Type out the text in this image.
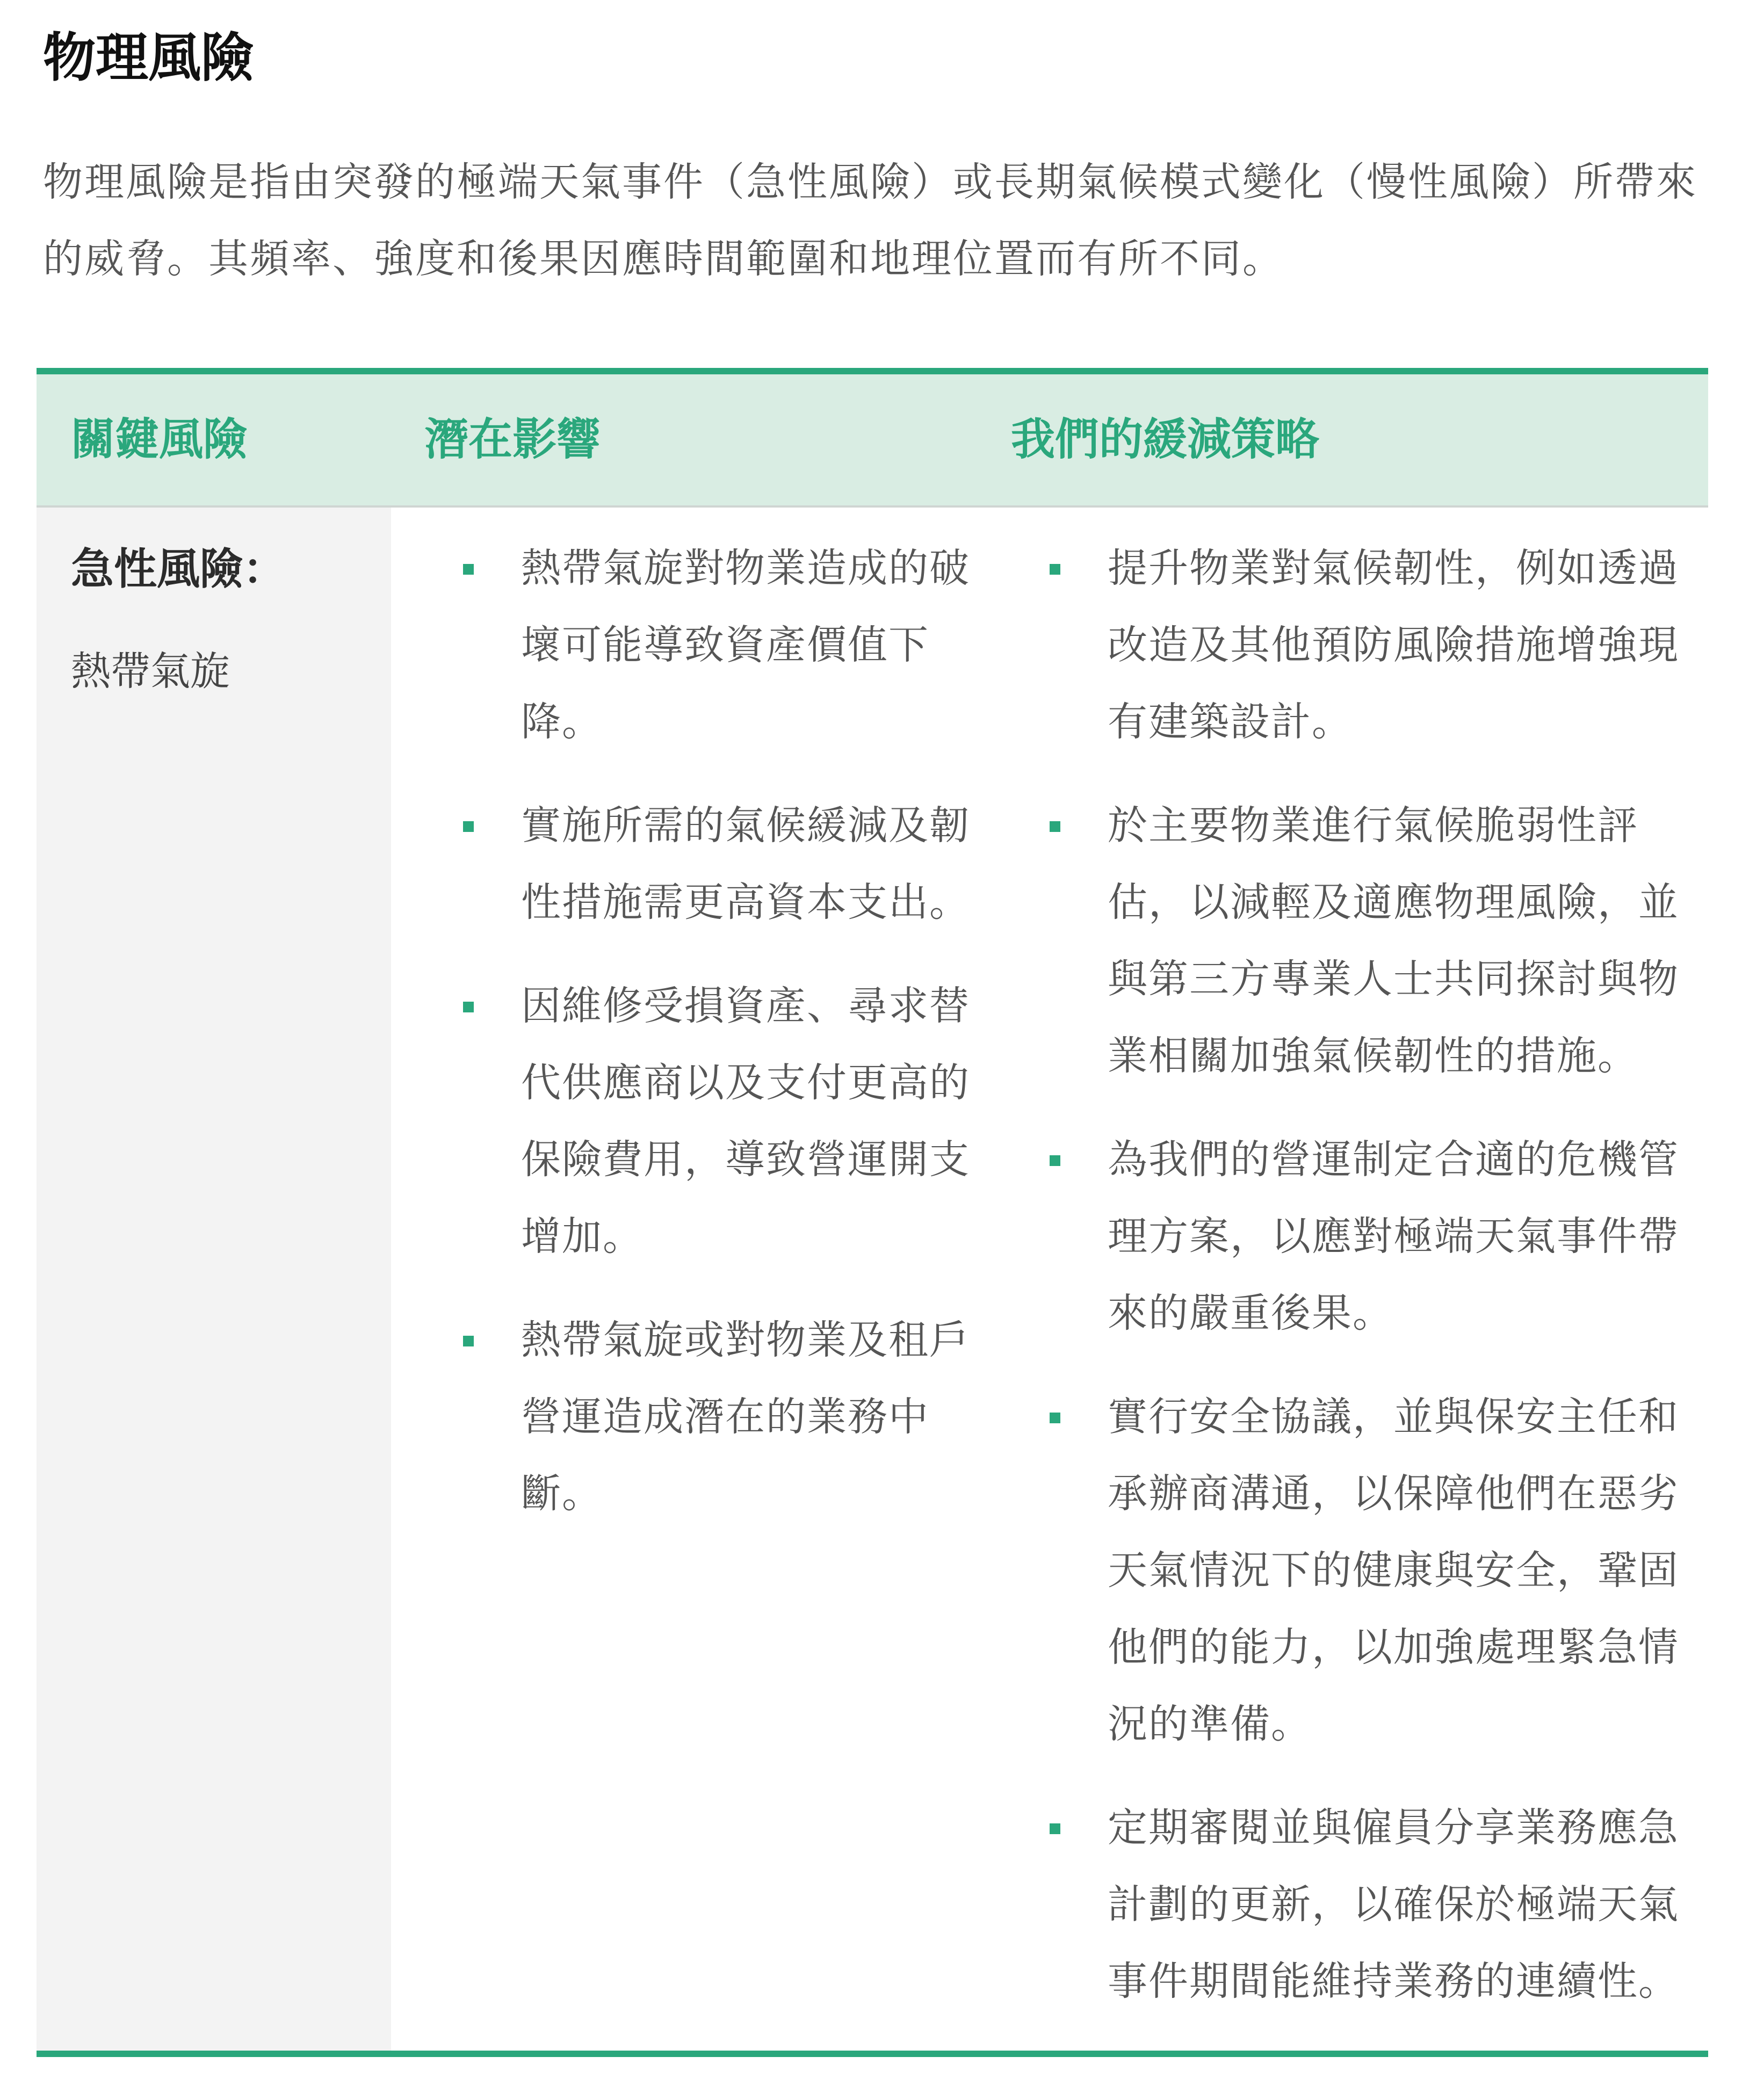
物理風險

物理風險是指由突發的極端天氣事件（急性風險）或長期氣候模式變化（慢性風險）所帶來的威脅。其頻率、強度和後果因應時間範圍和地理位置而有所不同。

關鍵風險	潛在影響	我們的緩減策略

急性風險：

熱帶氣旋

熱帶氣旋對物業造成的破壞可能導致資產價值下降。
實施所需的氣候緩減及韌性措施需更高資本支出。
因維修受損資產、尋求替代供應商以及支付更高的保險費用，導致營運開支增加。
熱帶氣旋或對物業及租戶營運造成潛在的業務中斷。
提升物業對氣候韌性，例如透過改造及其他預防風險措施增強現有建築設計。
於主要物業進行氣候脆弱性評估，以減輕及適應物理風險，並與第三方專業人士共同探討與物業相關加強氣候韌性的措施。
為我們的營運制定合適的危機管理方案，以應對極端天氣事件帶來的嚴重後果。
實行安全協議，並與保安主任和承辦商溝通，以保障他們在惡劣天氣情況下的健康與安全，鞏固他們的能力，以加強處理緊急情況的準備。
定期審閱並與僱員分享業務應急計劃的更新，以確保於極端天氣事件期間能維持業務的連續性。
